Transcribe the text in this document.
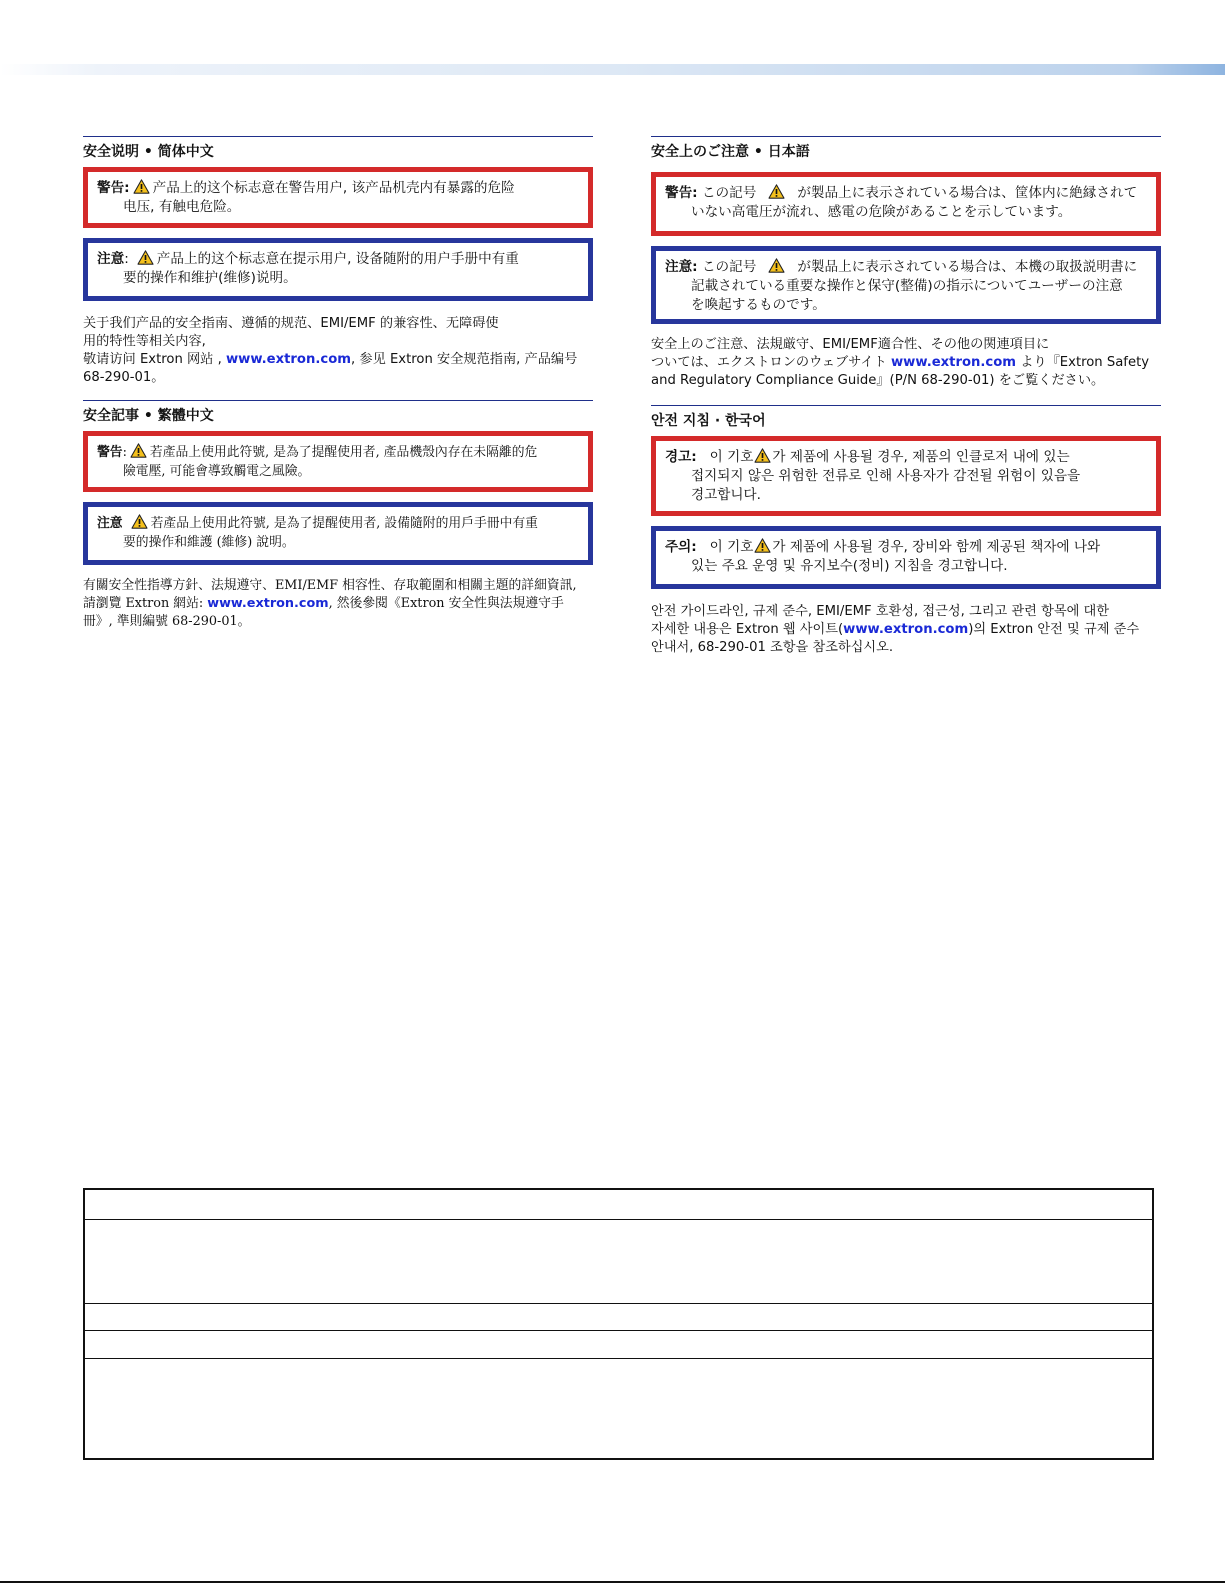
安全说明 • 简体中文
警告: 产品上的这个标志意在警告用户, 该产品机壳内有暴露的危险
电压, 有触电危险。
注意: 产品上的这个标志意在提示用户, 设备随附的用户手册中有重
要的操作和维护(维修)说明。
关于我们产品的安全指南、遵循的规范、EMI/EMF 的兼容性、无障碍使
用的特性等相关内容,
敬请访问 Extron 网站 , www.extron.com, 参见 Extron 安全规范指南, 产品编号
68-290-01。
安全記事 • 繁體中文
警告: 若產品上使用此符號, 是為了提醒使用者, 產品機殼內存在未隔離的危
險電壓, 可能會導致觸電之風險。
注意 若產品上使用此符號, 是為了提醒使用者, 設備隨附的用戶手冊中有重
要的操作和維護 (維修) 說明。
有關安全性指導方針、法規遵守、EMI/EMF 相容性、存取範圍和相關主題的詳細資訊,
請瀏覽 Extron 網站: www.extron.com, 然後參閱《Extron 安全性與法規遵守手
冊》, 準則編號 68-290-01。
安全上のご注意 • 日本語
警告: この記号	が製品上に表示されている場合は、筐体内に絶縁されて
いない高電圧が流れ、感電の危険があることを示しています。
注意: この記号	が製品上に表示されている場合は、本機の取扱説明書に
記載されている重要な操作と保守(整備)の指示についてユーザーの注意
を喚起するものです。
安全上のご注意、法規厳守、EMI/EMF適合性、その他の関連項目に
ついては、エクストロンのウェブサイト www.extron.com より『Extron Safety
and Regulatory Compliance Guide』(P/N 68-290-01) をご覧ください。
안전 지침 · 한국어
경고: 이 기호 가 제품에 사용될 경우, 제품의 인클로저 내에 있는
접지되지 않은 위험한 전류로 인해 사용자가 감전될 위험이 있음을
경고합니다.
주의: 이 기호 가 제품에 사용될 경우, 장비와 함께 제공된 책자에 나와
있는 주요 운영 및 유지보수(정비) 지침을 경고합니다.
안전 가이드라인, 규제 준수, EMI/EMF 호환성, 접근성, 그리고 관련 항목에 대한
자세한 내용은 Extron 웹 사이트(www.extron.com)의 Extron 안전 및 규제 준수
안내서, 68-290-01 조항을 참조하십시오.
